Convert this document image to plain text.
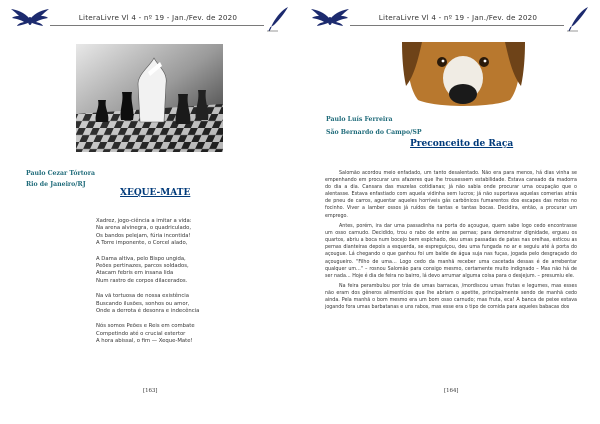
LiteraLivre Vl 4 - nº 19 - Jan./Fev. de 2020
Paulo Cezar Tórtora
Rio de Janeiro/RJ
XEQUE-MATE
Xadrez, jogo-ciência a imitar a vida:
Na arena alvinegra, o quadriculado,
Os bandos pelejam, fúria incontida!
A Torre imponente, o Corcel alado,
A Dama altiva, pelo Bispo ungida,
Peões pertinazes, parcos soldados,
Atacam febris em insana lida
Num rastro de corpos dilacerados.
Na vã tortuosa de nossa existência
Buscando ilusões, sonhos ou amor,
Onde a derrota é desonra e indecência
Nós somos Peões e Reis em combate
Competindo até o crucial estertor
A hora abissal, o fim — Xeque-Mate!
[163]
LiteraLivre Vl 4 - nº 19 - Jan./Fev. de 2020
Paulo Luís Ferreira
São Bernardo do Campo/SP
Preconceito de Raça

Salomão acordou meio enfadado, um tanto desalentado. Não era para menos, há dias vinha se empenhando em procurar uns afazeres que lhe trouxessem estabilidade. Estava cansado da madorra do dia a dia. Cansara das mazelas cotidianas; já não sabia onde procurar uma ocupação que o alentasse. Estava enfastiado com aquela vidinha sem lucros; já não suportava aquelas comerias atrás de pneu de carros, aguentar aqueles horríveis gás carbônicos fumarentos dos escapes das motos no focinho. Viver a lamber ossos já ruídos de tantas e tantas bocas. Decidira, então, a procurar um emprego.

Antes, porém, ira dar uma passadinha na porta do açougue, quem sabe logo cedo encontrasse um osso carnudo. Decidido, trou o rabo de entre as pernas; para demonstrar dignidade, ergueu os quartos, abriu a boca num bocejo bem espichado, deu umas passadas de patas nas orelhas, esticou as pernas dianteiras depois a esquerda, se espreguiçou, deu uma fungada no ar e seguiu até à porta do açougue. Lá chegando o que ganhou foi um balde de água suja nas fuças, jogada pelo desgraçado do açougueiro. "Filho de uma… Logo cedo da manhã receber uma cacetada dessas é de arrebentar qualquer um…" – rosnou Salomão para consigo mesmo, certamente muito indignado – Mas não há de ser nada… Hoje é dia de feira no bairro, lá devo arrumar alguma coisa para o desjejum. – presumiu ele.

Na feira perambulou por trás de umas barracas, /mordiscou umas frutas e legumes, mas esses não eram dos gêneros alimentícios que lhe abriam o apetite, principalmente sendo de manhã cedo ainda. Pela manhã o bom mesmo era um bom osso carnudo; mas fruta, eca! A banca de peixe estava jogando fora umas barbatanas e uns rabos, mas esse era o tipo de comida para aqueles babacas dos

[164]
